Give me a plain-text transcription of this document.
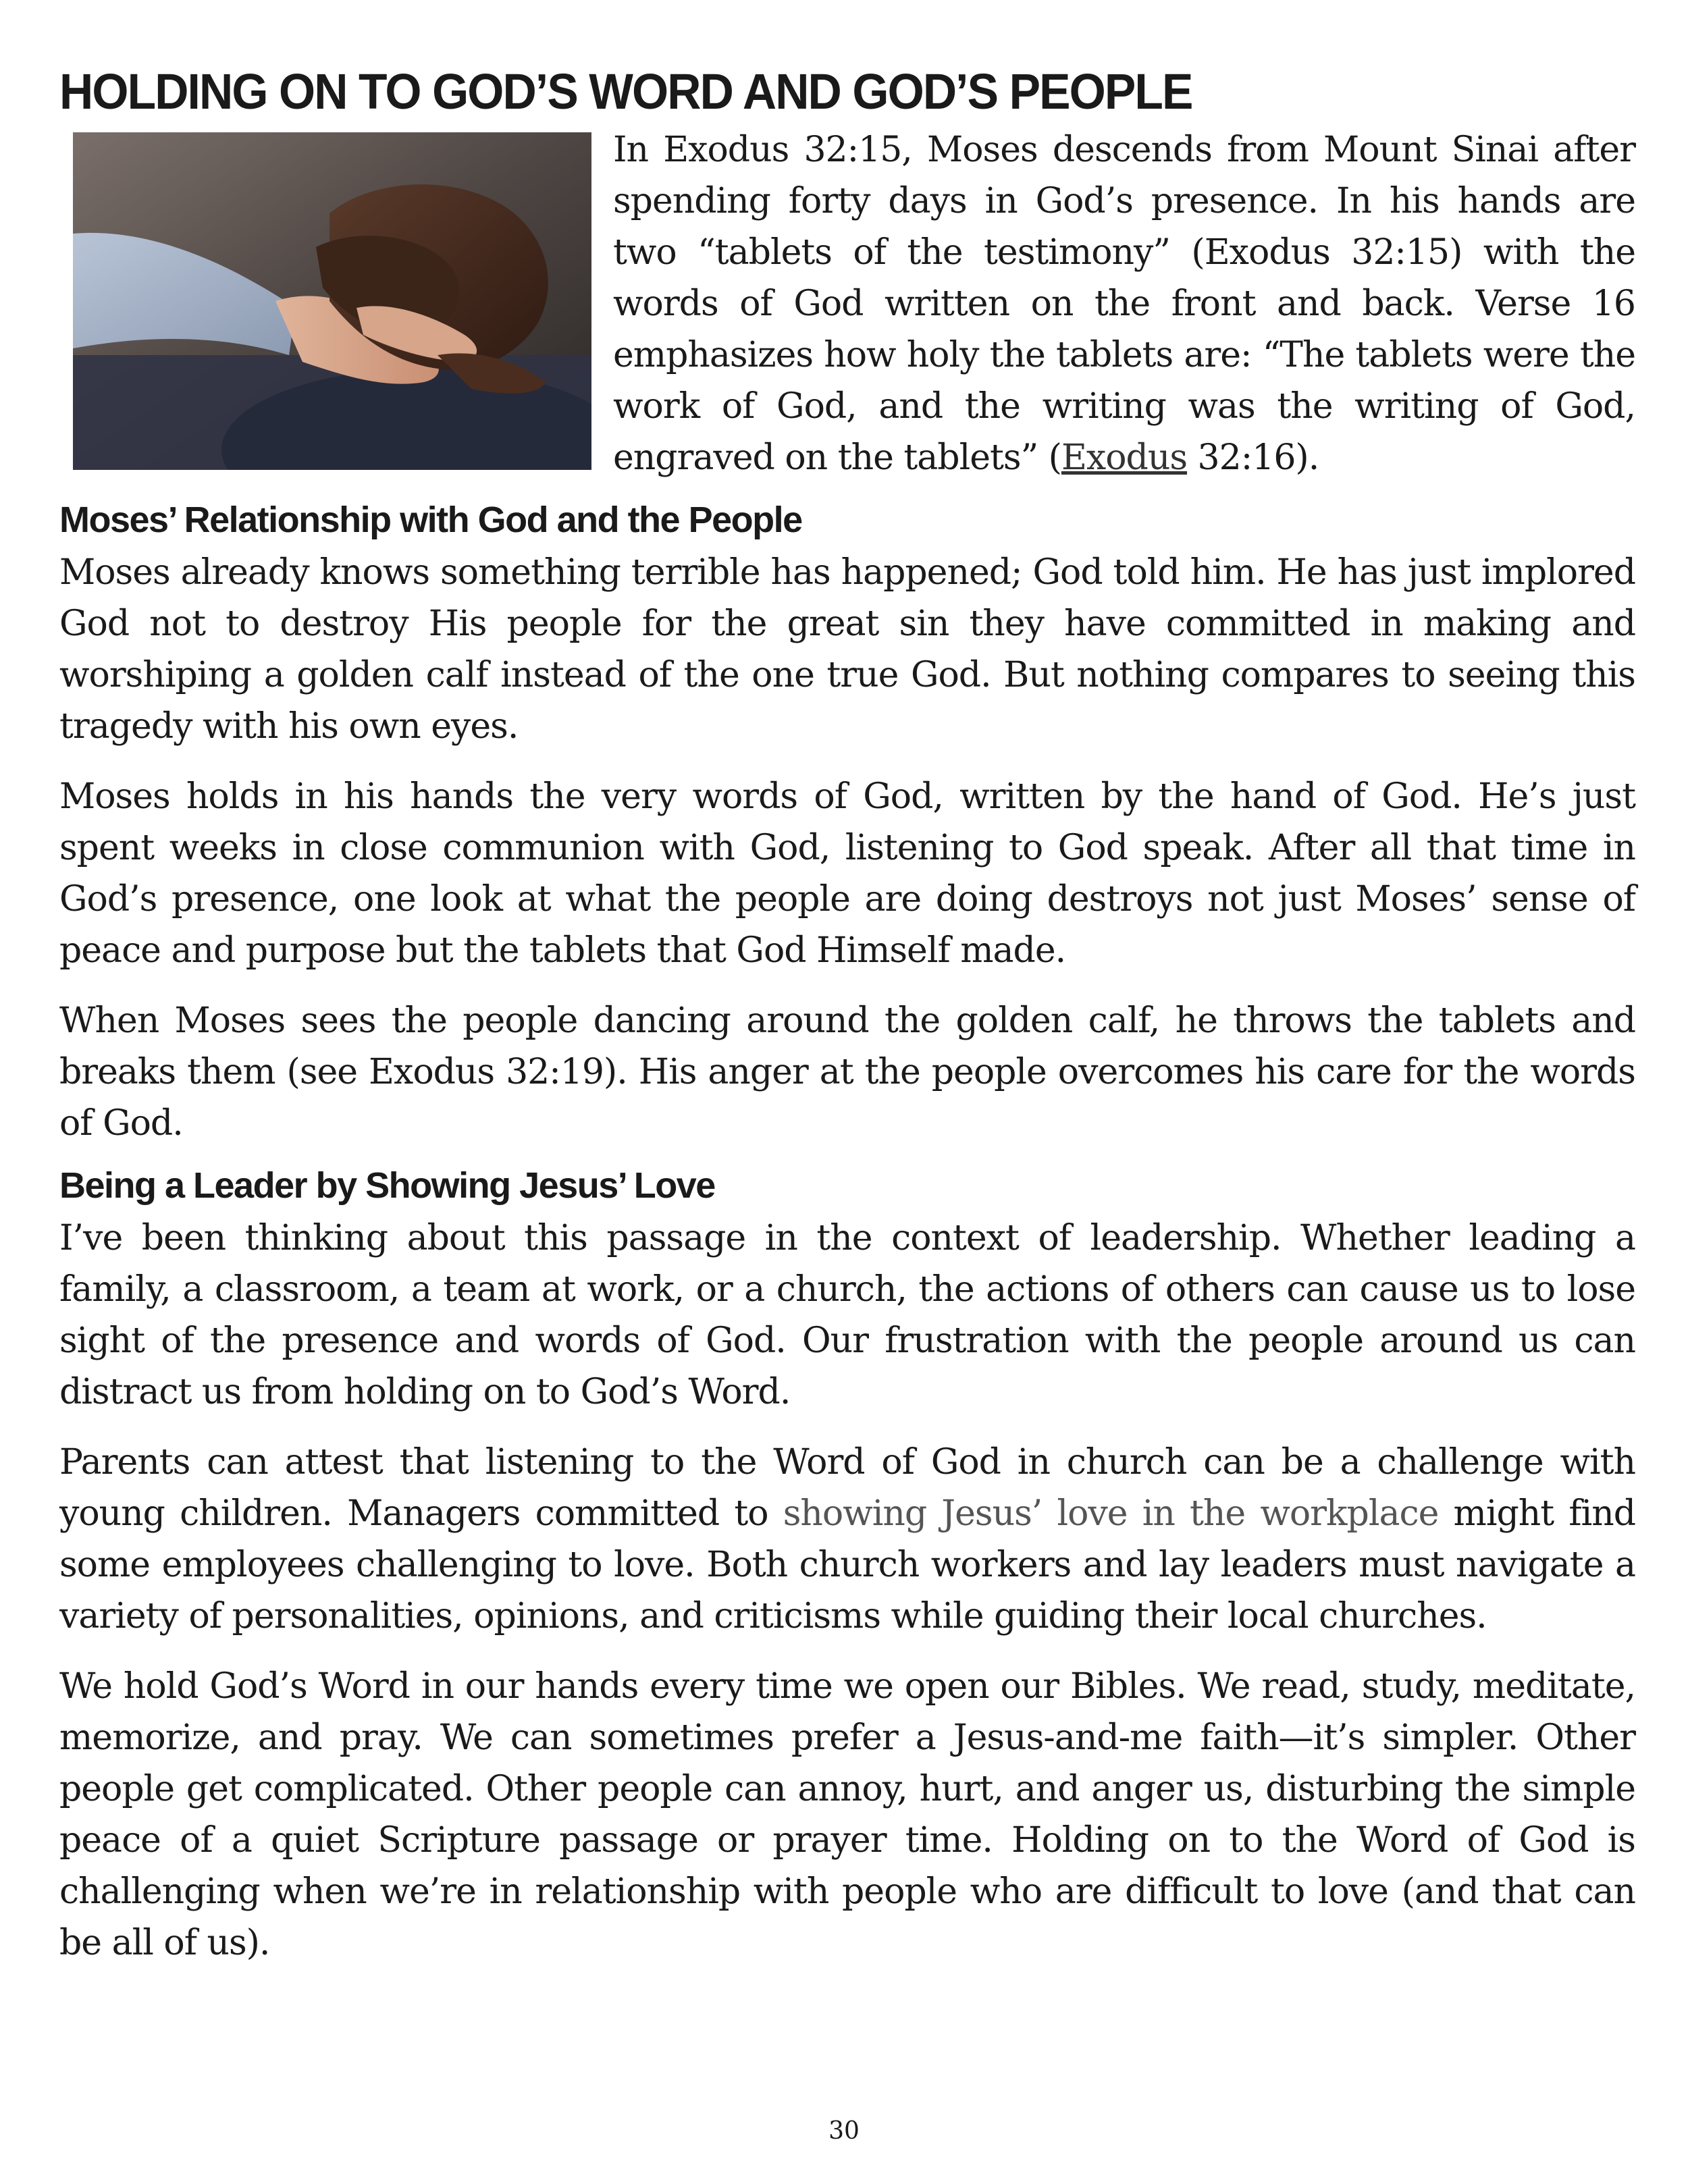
HOLDING ON TO GOD’S WORD AND GOD’S PEOPLE

In Exodus 32:15, Moses descends from Mount Sinai after spending forty days in God’s presence. In his hands are two “tablets of the testimony” (Exodus 32:15) with the words of God written on the front and back. Verse 16 emphasizes how holy the tablets are: “The tablets were the work of God, and the writing was the writing of God, engraved on the tablets” (Exodus 32:16).

Moses’ Relationship with God and the People

Moses already knows something terrible has happened; God told him. He has just implored God not to destroy His people for the great sin they have committed in making and worshiping a golden calf instead of the one true God. But nothing compares to seeing this tragedy with his own eyes.

Moses holds in his hands the very words of God, written by the hand of God. He’s just spent weeks in close communion with God, listening to God speak. After all that time in God’s presence, one look at what the people are doing destroys not just Moses’ sense of peace and purpose but the tablets that God Himself made.

When Moses sees the people dancing around the golden calf, he throws the tablets and breaks them (see Exodus 32:19). His anger at the people overcomes his care for the words of God.

Being a Leader by Showing Jesus’ Love

I’ve been thinking about this passage in the context of leadership. Whether leading a family, a classroom, a team at work, or a church, the actions of others can cause us to lose sight of the presence and words of God. Our frustration with the people around us can distract us from holding on to God’s Word.

Parents can attest that listening to the Word of God in church can be a challenge with young children. Managers committed to showing Jesus’ love in the workplace might find some employees challenging to love. Both church workers and lay leaders must navigate a variety of personalities, opinions, and criticisms while guiding their local churches.

We hold God’s Word in our hands every time we open our Bibles. We read, study, meditate, memorize, and pray. We can sometimes prefer a Jesus-and-me faith—it’s simpler. Other people get complicated. Other people can annoy, hurt, and anger us, disturbing the simple peace of a quiet Scripture passage or prayer time. Holding on to the Word of God is challenging when we’re in relationship with people who are difficult to love (and that can be all of us).

30
